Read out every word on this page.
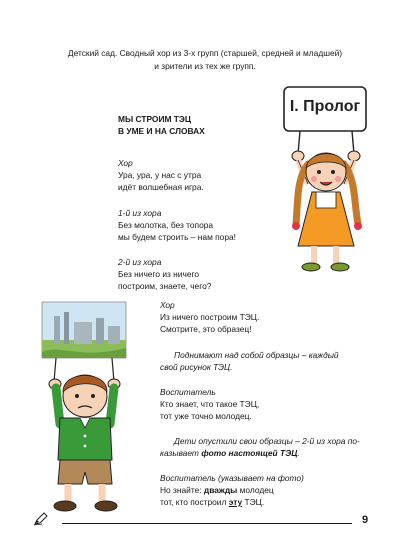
Детский сад. Сводный хор из 3-х групп (старшей, средней и младшей)
и зрители из тех же групп.
МЫ СТРОИМ ТЭЦ
В УМЕ И НА СЛОВАХ
I. Пролог
Хор
Ура, ура, у нас с утра
идёт волшебная игра.
1-й из хора
Без молотка, без топора
мы будем строить – нам пора!
2-й из хора
Без ничего из ничего
построим, знаете, чего?
Хор
Из ничего построим ТЭЦ.
Смотрите, это образец!
Поднимают над собой образцы – каждый
свой рисунок ТЭЦ.
Воспитатель
Кто знает, что такое ТЭЦ,
тот уже точно молодец.
Дети опустили свои образцы – 2-й из хора по-
казывает фото настоящей ТЭЦ.
Воспитатель (указывает на фото)
Но знайте: дважды молодец
тот, кто построил эту ТЭЦ.
9
